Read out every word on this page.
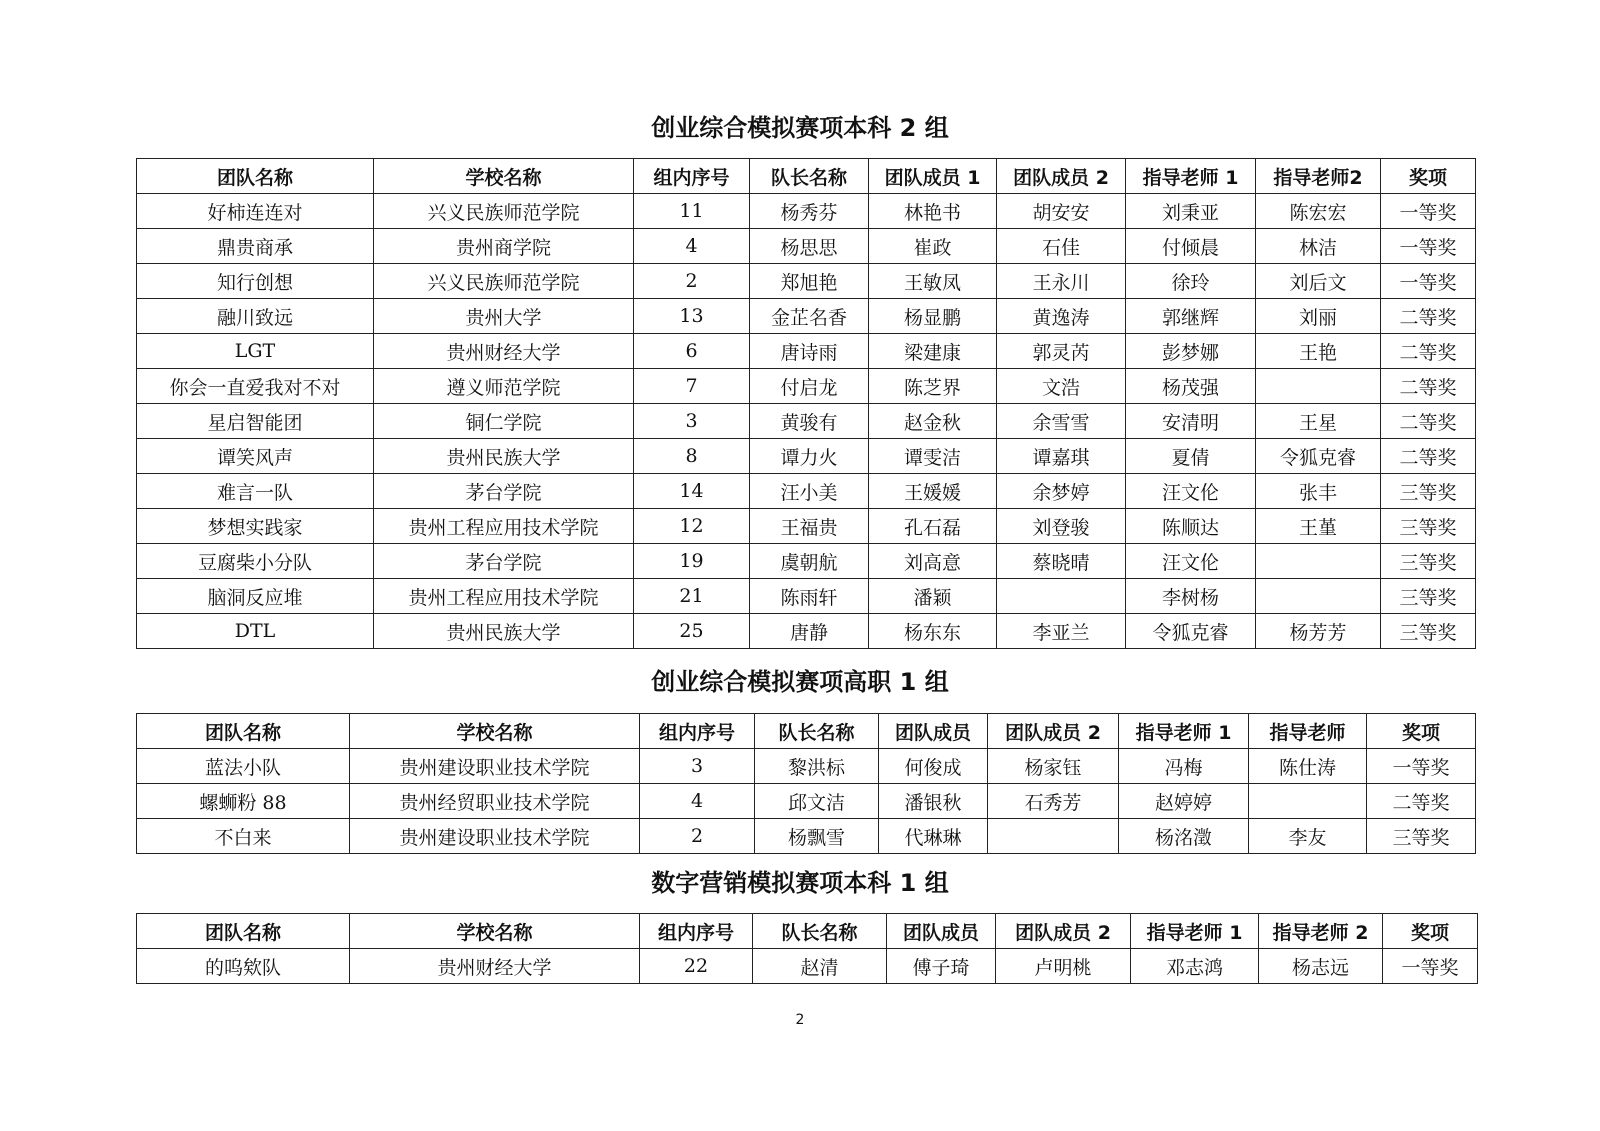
创业综合模拟赛项本科 2 组
团队名称	学校名称	组内序号	队长名称	团队成员 1	团队成员 2	指导老师 1	指导老师2	奖项
好柿连连对	兴义民族师范学院	11	杨秀芬	林艳书	胡安安	刘秉亚	陈宏宏	一等奖
鼎贵商承	贵州商学院	4	杨思思	崔政	石佳	付倾晨	林洁	一等奖
知行创想	兴义民族师范学院	2	郑旭艳	王敏凤	王永川	徐玲	刘后文	一等奖
融川致远	贵州大学	13	金芷名香	杨显鹏	黄逸涛	郭继辉	刘丽	二等奖
LGT	贵州财经大学	6	唐诗雨	梁建康	郭灵芮	彭梦娜	王艳	二等奖
你会一直爱我对不对	遵义师范学院	7	付启龙	陈芝界	文浩	杨茂强		二等奖
星启智能团	铜仁学院	3	黄骏有	赵金秋	余雪雪	安清明	王星	二等奖
谭笑风声	贵州民族大学	8	谭力火	谭雯洁	谭嘉琪	夏倩	令狐克睿	二等奖
难言一队	茅台学院	14	汪小美	王媛媛	余梦婷	汪文伦	张丰	三等奖
梦想实践家	贵州工程应用技术学院	12	王福贵	孔石磊	刘登骏	陈顺达	王堇	三等奖
豆腐柴小分队	茅台学院	19	虞朝航	刘高意	蔡晓晴	汪文伦		三等奖
脑洞反应堆	贵州工程应用技术学院	21	陈雨轩	潘颖		李树杨		三等奖
DTL	贵州民族大学	25	唐静	杨东东	李亚兰	令狐克睿	杨芳芳	三等奖
创业综合模拟赛项高职 1 组
团队名称	学校名称	组内序号	队长名称	团队成员	团队成员 2	指导老师 1	指导老师	奖项
蓝法小队	贵州建设职业技术学院	3	黎洪标	何俊成	杨家钰	冯梅	陈仕涛	一等奖
螺蛳粉 88	贵州经贸职业技术学院	4	邱文洁	潘银秋	石秀芳	赵婷婷		二等奖
不白来	贵州建设职业技术学院	2	杨飘雪	代琳琳		杨洺澂	李友	三等奖
数字营销模拟赛项本科 1 组
团队名称	学校名称	组内序号	队长名称	团队成员	团队成员 2	指导老师 1	指导老师 2	奖项
的呜欸队	贵州财经大学	22	赵清	傅子琦	卢明桃	邓志鸿	杨志远	一等奖
2
